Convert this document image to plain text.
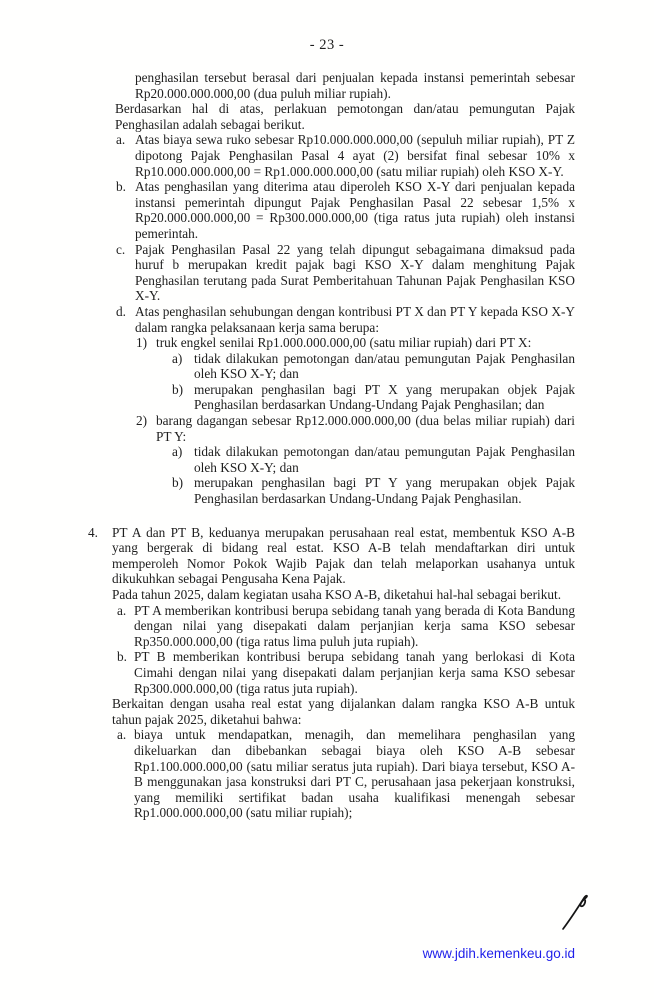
- 23 -
penghasilan tersebut berasal dari penjualan kepada instansi pemerintah sebesar Rp20.000.000.000,00 (dua puluh miliar rupiah).
Berdasarkan hal di atas, perlakuan pemotongan dan/atau pemungutan Pajak Penghasilan adalah sebagai berikut.
a. Atas biaya sewa ruko sebesar Rp10.000.000.000,00 (sepuluh miliar rupiah), PT Z dipotong Pajak Penghasilan Pasal 4 ayat (2) bersifat final sebesar 10% x Rp10.000.000.000,00 = Rp1.000.000.000,00 (satu miliar rupiah) oleh KSO X-Y.
b. Atas penghasilan yang diterima atau diperoleh KSO X-Y dari penjualan kepada instansi pemerintah dipungut Pajak Penghasilan Pasal 22 sebesar 1,5% x Rp20.000.000.000,00 = Rp300.000.000,00 (tiga ratus juta rupiah) oleh instansi pemerintah.
c. Pajak Penghasilan Pasal 22 yang telah dipungut sebagaimana dimaksud pada huruf b merupakan kredit pajak bagi KSO X-Y dalam menghitung Pajak Penghasilan terutang pada Surat Pemberitahuan Tahunan Pajak Penghasilan KSO X-Y.
d. Atas penghasilan sehubungan dengan kontribusi PT X dan PT Y kepada KSO X-Y dalam rangka pelaksanaan kerja sama berupa:
1) truk engkel senilai Rp1.000.000.000,00 (satu miliar rupiah) dari PT X:
a) tidak dilakukan pemotongan dan/atau pemungutan Pajak Penghasilan oleh KSO X-Y; dan
b) merupakan penghasilan bagi PT X yang merupakan objek Pajak Penghasilan berdasarkan Undang-Undang Pajak Penghasilan; dan
2) barang dagangan sebesar Rp12.000.000.000,00 (dua belas miliar rupiah) dari PT Y:
a) tidak dilakukan pemotongan dan/atau pemungutan Pajak Penghasilan oleh KSO X-Y; dan
b) merupakan penghasilan bagi PT Y yang merupakan objek Pajak Penghasilan berdasarkan Undang-Undang Pajak Penghasilan.
4.	PT A dan PT B, keduanya merupakan perusahaan real estat, membentuk KSO A-B yang bergerak di bidang real estat. KSO A-B telah mendaftarkan diri untuk memperoleh Nomor Pokok Wajib Pajak dan telah melaporkan usahanya untuk dikukuhkan sebagai Pengusaha Kena Pajak.
Pada tahun 2025, dalam kegiatan usaha KSO A-B, diketahui hal-hal sebagai berikut.
a. PT A memberikan kontribusi berupa sebidang tanah yang berada di Kota Bandung dengan nilai yang disepakati dalam perjanjian kerja sama KSO sebesar Rp350.000.000,00 (tiga ratus lima puluh juta rupiah).
b. PT B memberikan kontribusi berupa sebidang tanah yang berlokasi di Kota Cimahi dengan nilai yang disepakati dalam perjanjian kerja sama KSO sebesar Rp300.000.000,00 (tiga ratus juta rupiah).
Berkaitan dengan usaha real estat yang dijalankan dalam rangka KSO A-B untuk tahun pajak 2025, diketahui bahwa:
a. biaya untuk mendapatkan, menagih, dan memelihara penghasilan yang dikeluarkan dan dibebankan sebagai biaya oleh KSO A-B sebesar Rp1.100.000.000,00 (satu miliar seratus juta rupiah). Dari biaya tersebut, KSO A-B menggunakan jasa konstruksi dari PT C, perusahaan jasa pekerjaan konstruksi, yang memiliki sertifikat badan usaha kualifikasi menengah sebesar Rp1.000.000.000,00 (satu miliar rupiah);
www.jdih.kemenkeu.go.id
